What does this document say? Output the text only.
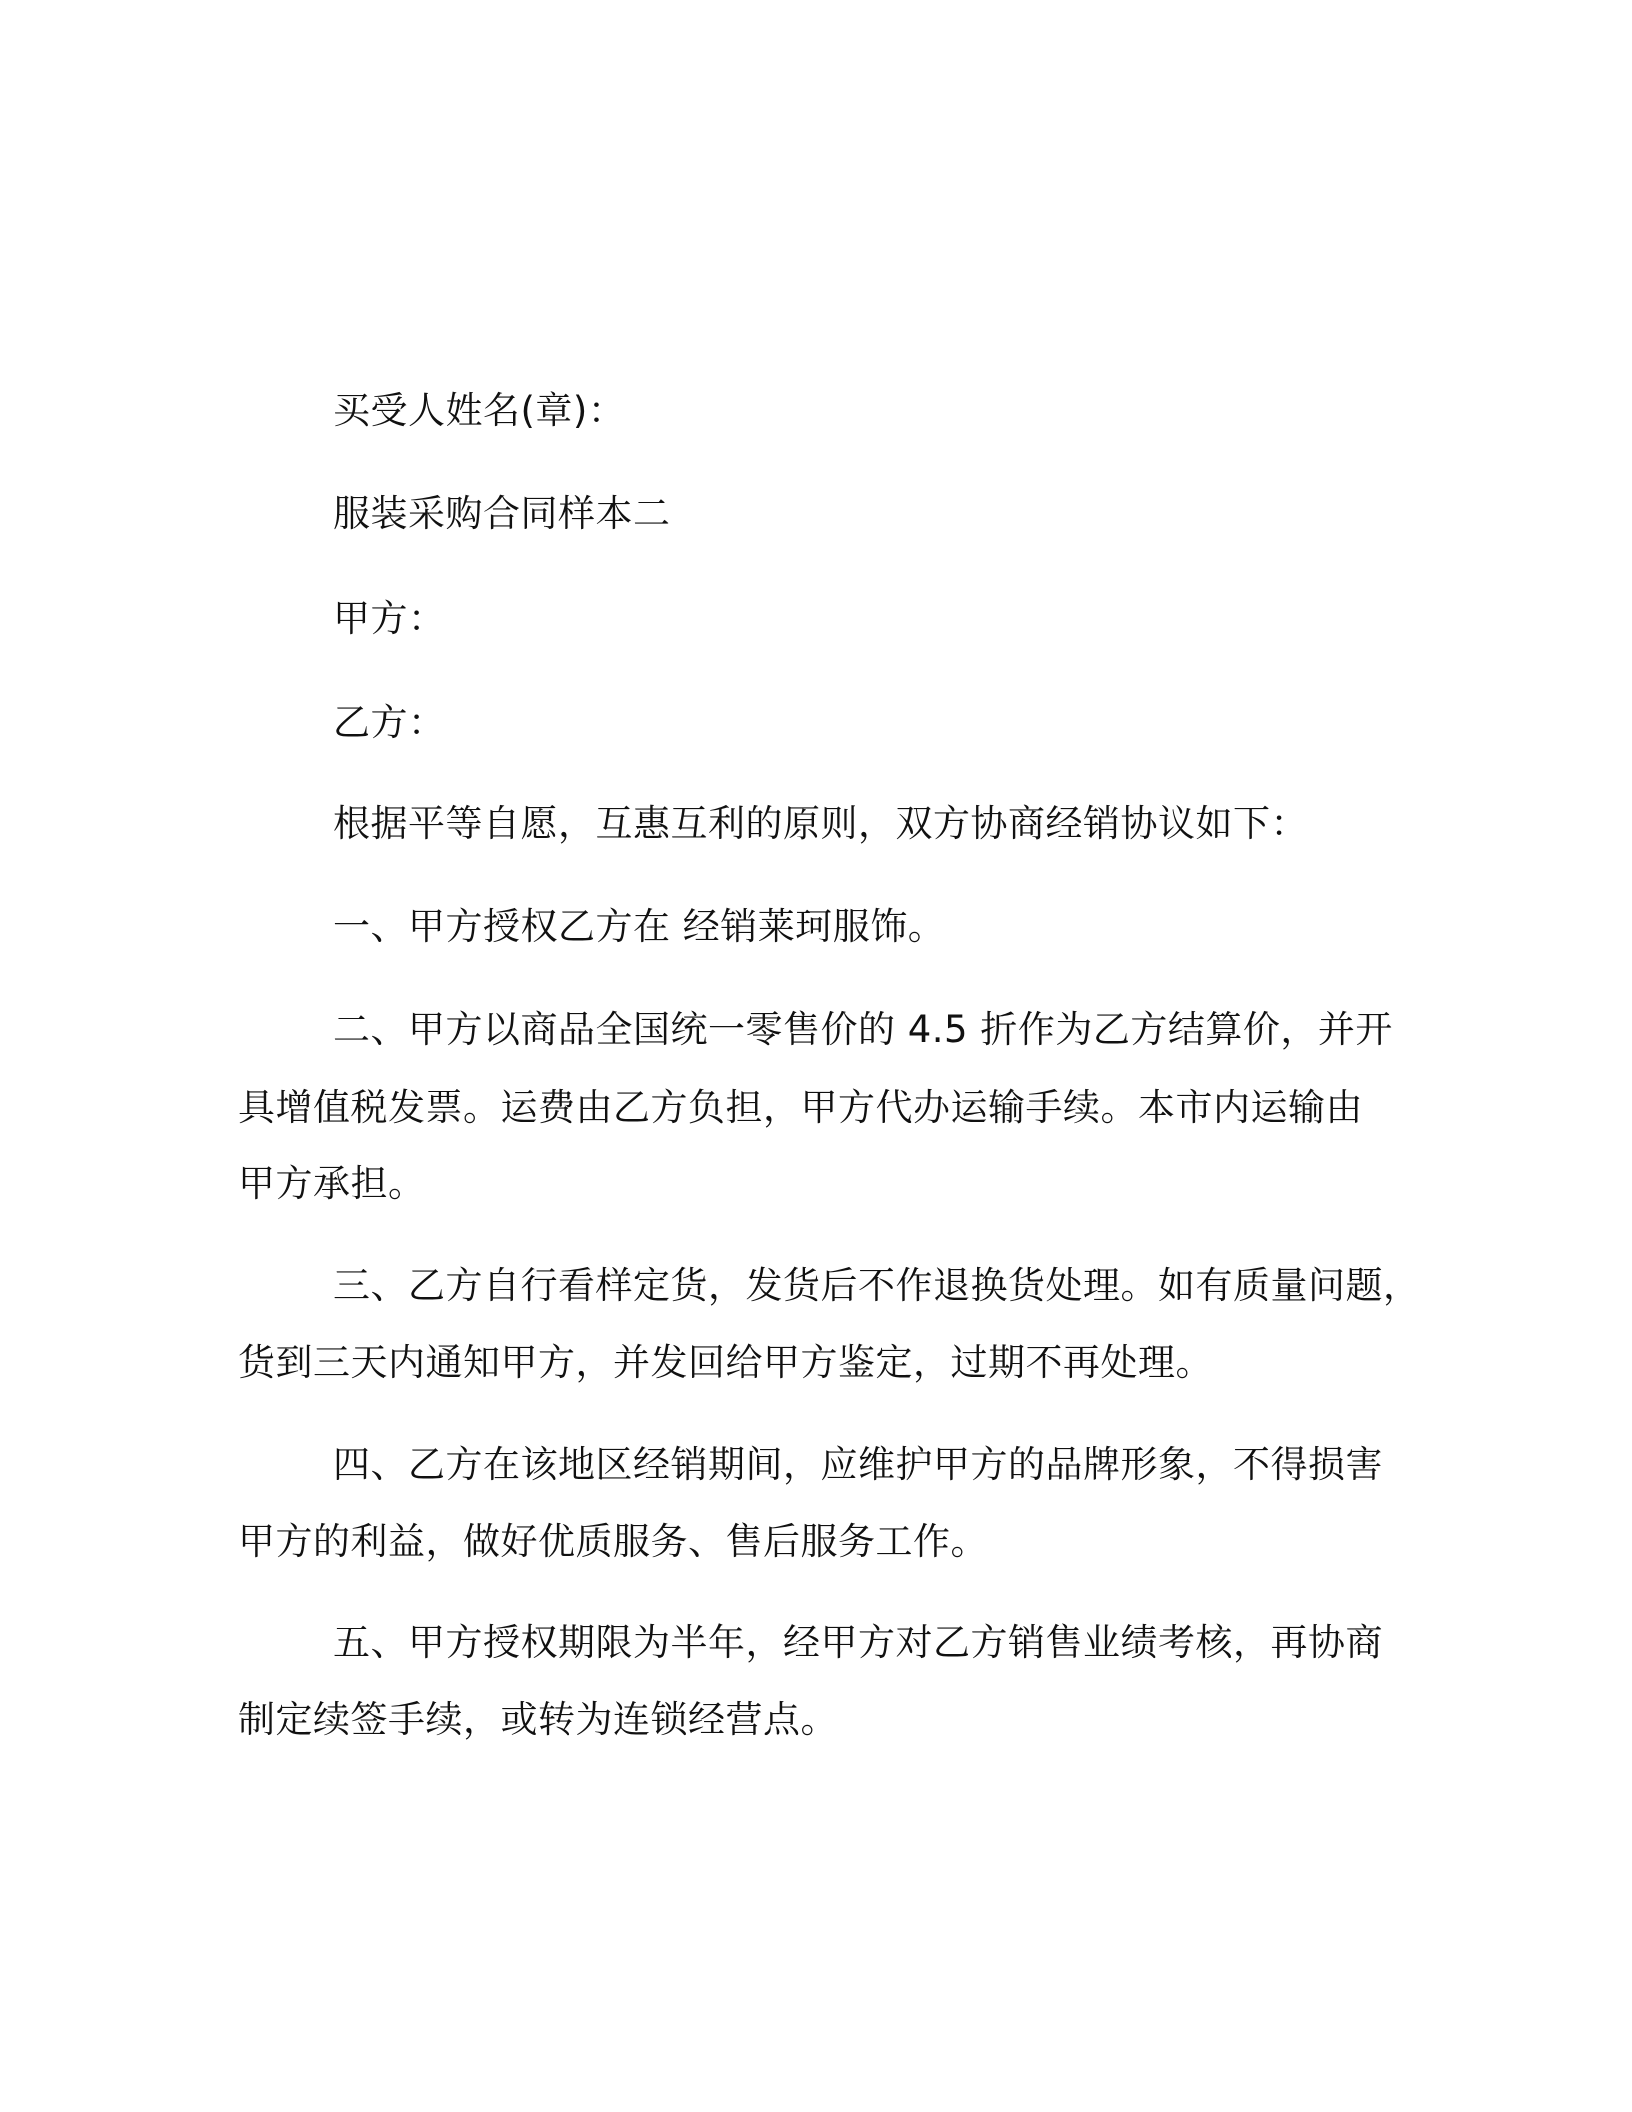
买受人姓名(章)：
服装采购合同样本二
甲方：
乙方：
根据平等自愿，互惠互利的原则，双方协商经销协议如下：
一、甲方授权乙方在 经销莱珂服饰。
二、甲方以商品全国统一零售价的 4.5 折作为乙方结算价，并开
具增值税发票。运费由乙方负担，甲方代办运输手续。本市内运输由
甲方承担。
三、乙方自行看样定货，发货后不作退换货处理。如有质量问题，
货到三天内通知甲方，并发回给甲方鉴定，过期不再处理。
四、乙方在该地区经销期间，应维护甲方的品牌形象，不得损害
甲方的利益，做好优质服务、售后服务工作。
五、甲方授权期限为半年，经甲方对乙方销售业绩考核，再协商
制定续签手续，或转为连锁经营点。
